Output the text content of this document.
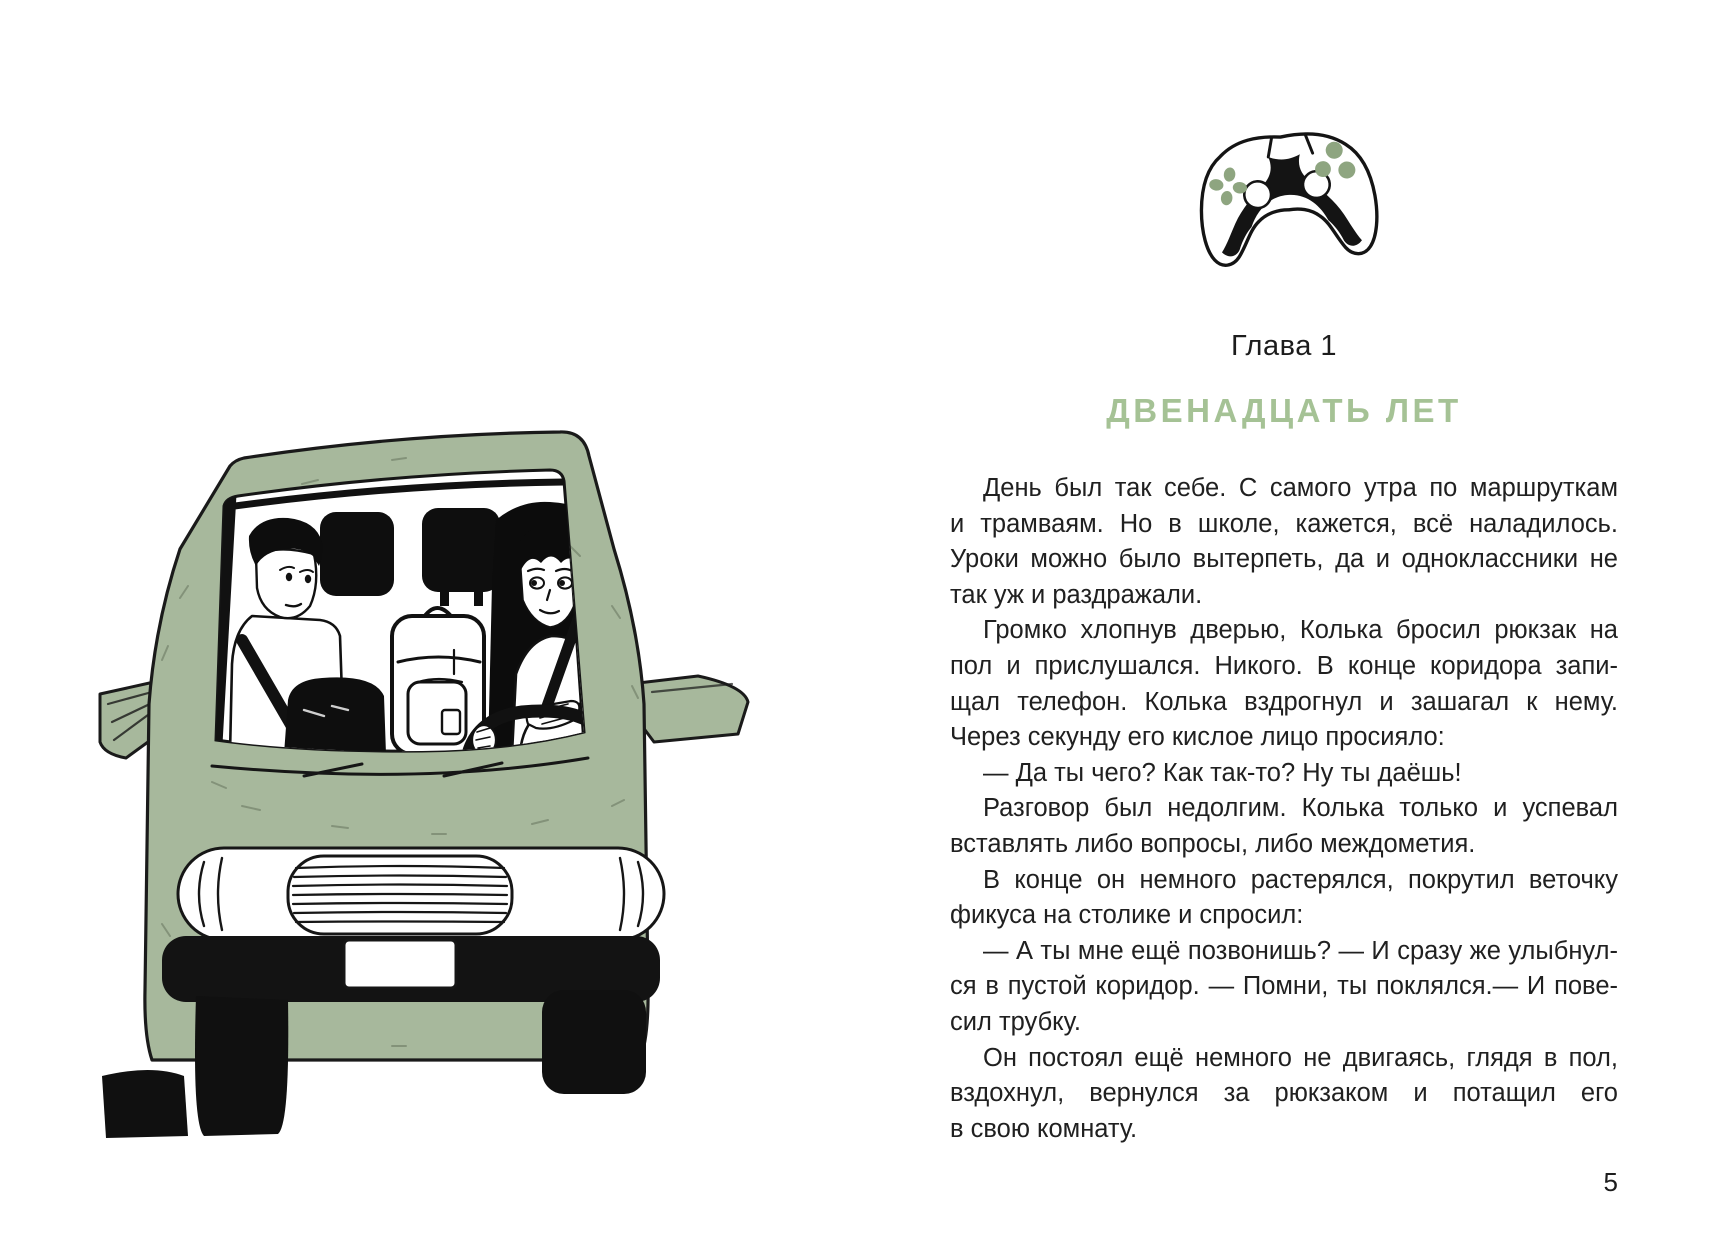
Глава 1
ДВЕНАДЦАТЬ ЛЕТ
День был так себе. С самого утра по маршруткам
и трамваям. Но в школе, кажется, всё наладилось.
Уроки можно было вытерпеть, да и одноклассники не
так уж и раздражали.
Громко хлопнув дверью, Колька бросил рюкзак на
пол и прислушался. Никого. В конце коридора запи-
щал телефон. Колька вздрогнул и зашагал к нему.
Через секунду его кислое лицо просияло:
— Да ты чего? Как так-то? Ну ты даёшь!
Разговор был недолгим. Колька только и успевал
вставлять либо вопросы, либо междометия.
В конце он немного растерялся, покрутил веточку
фикуса на столике и спросил:
— А ты мне ещё позвонишь? — И сразу же улыбнул-
ся в пустой коридор. — Помни, ты поклялся.— И пове-
сил трубку.
Он постоял ещё немного не двигаясь, глядя в пол,
вздохнул, вернулся за рюкзаком и потащил его
в свою комнату.
5
